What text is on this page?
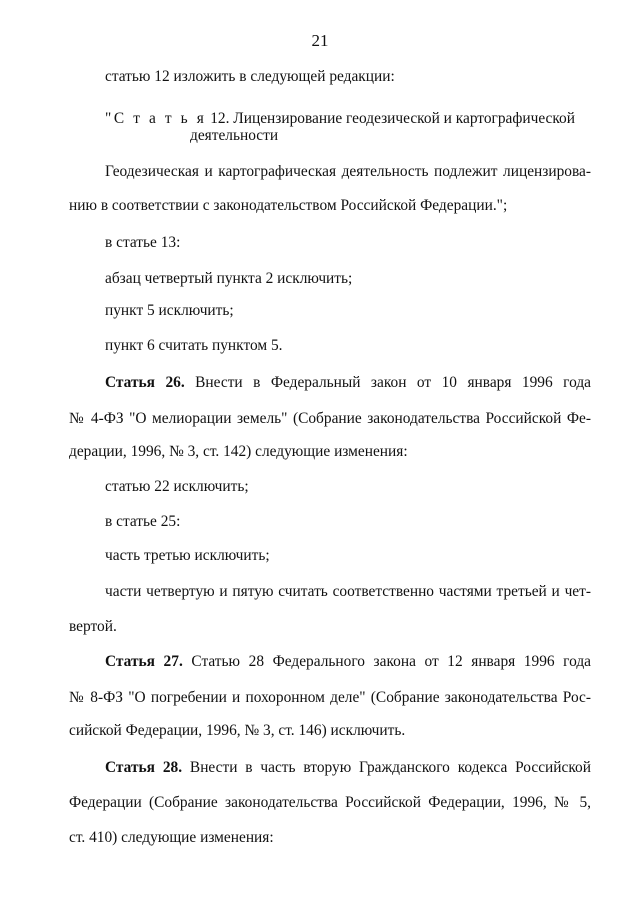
21
статью 12 изложить в следующей редакции:
"С т а т ь я 12. Лицензирование геодезической и картографической
деятельности
Геодезическая и картографическая деятельность подлежит лицензирова-
нию в соответствии с законодательством Российской Федерации.";
в статье 13:
абзац четвертый пункта 2 исключить;
пункт 5 исключить;
пункт 6 считать пунктом 5.
Статья 26. Внести в Федеральный закон от 10 января 1996 года
№ 4-ФЗ "О мелиорации земель" (Собрание законодательства Российской Фе-
дерации, 1996, № 3, ст. 142) следующие изменения:
статью 22 исключить;
в статье 25:
часть третью исключить;
части четвертую и пятую считать соответственно частями третьей и чет-
вертой.
Статья 27. Статью 28 Федерального закона от 12 января 1996 года
№ 8-ФЗ "О погребении и похоронном деле" (Собрание законодательства Рос-
сийской Федерации, 1996, № 3, ст. 146) исключить.
Статья 28. Внести в часть вторую Гражданского кодекса Российской
Федерации (Собрание законодательства Российской Федерации, 1996, № 5,
ст. 410) следующие изменения:
